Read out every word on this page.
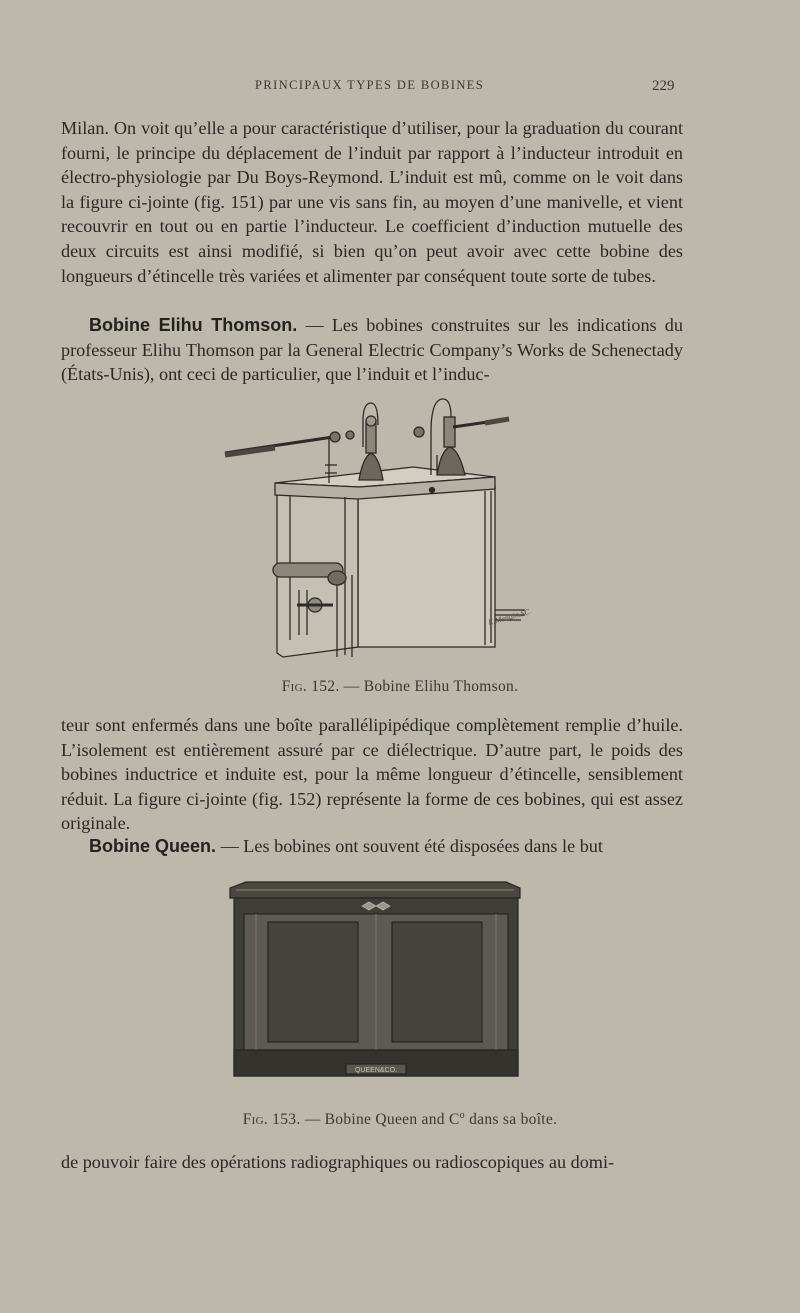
PRINCIPAUX TYPES DE BOBINES	229

Milan. On voit qu’elle a pour caractéristique d’utiliser, pour la graduation du courant fourni, le principe du déplacement de l’induit par rapport à l’inducteur introduit en électro-physiologie par Du Boys-Reymond. L’induit est mû, comme on le voit dans la figure ci-jointe (fig. 151) par une vis sans fin, au moyen d’une manivelle, et vient recouvrir en tout ou en partie l’inducteur. Le coefficient d’induction mutuelle des deux circuits est ainsi modifié, si bien qu’on peut avoir avec cette bobine des longueurs d’étincelle très variées et alimenter par conséquent toute sorte de tubes.

Bobine Elihu Thomson. — Les bobines construites sur les indications du professeur Elihu Thomson par la General Electric Company’s Works de Schenectady (États-Unis), ont ceci de particulier, que l’induit et l’induc-

E.Mengin.SC
Fig. 152. — Bobine Elihu Thomson.

teur sont enfermés dans une boîte parallélipipédique complètement remplie d’huile. L’isolement est entièrement assuré par ce diélectrique. D’autre part, le poids des bobines inductrice et induite est, pour la même longueur d’étincelle, sensiblement réduit. La figure ci-jointe (fig. 152) représente la forme de ces bobines, qui est assez originale.

Bobine Queen. — Les bobines ont souvent été disposées dans le but

QUEEN&CO.
Fig. 153. — Bobine Queen and $C^o$ dans sa boîte.

de pouvoir faire des opérations radiographiques ou radioscopiques au domi-
